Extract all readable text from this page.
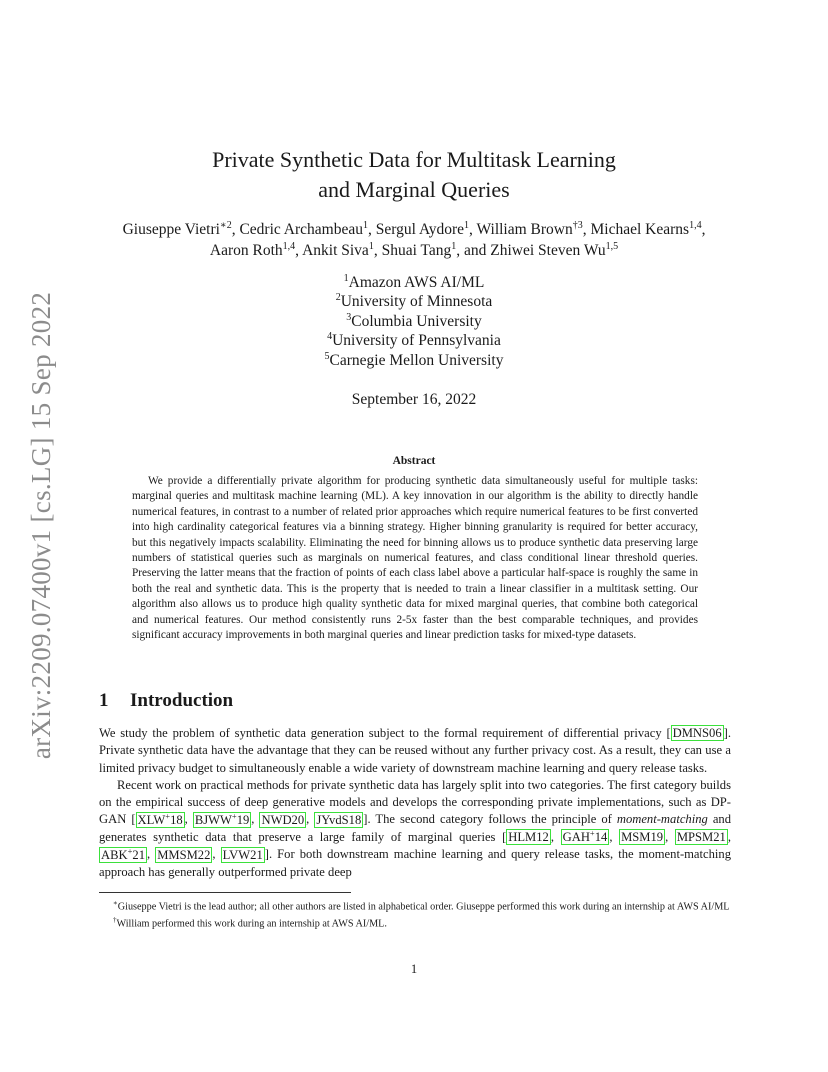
arXiv:2209.07400v1 [cs.LG] 15 Sep 2022
Private Synthetic Data for Multitask Learning
and Marginal Queries
Giuseppe Vietri$^{∗2}$, Cedric Archambeau$^1$, Sergul Aydore$^1$, William Brown$^{\dagger 3}$, Michael Kearns$^{1,4}$, Aaron Roth$^{1,4}$, Ankit Siva$^1$, Shuai Tang$^1$, and Zhiwei Steven Wu$^{1,5}$
$^1$Amazon AWS AI/ML
$^2$University of Minnesota
$^3$Columbia University
$^4$University of Pennsylvania
$^5$Carnegie Mellon University
September 16, 2022
Abstract

We provide a differentially private algorithm for producing synthetic data simultaneously useful for multiple tasks: marginal queries and multitask machine learning (ML). A key innovation in our algorithm is the ability to directly handle numerical features, in contrast to a number of related prior approaches which require numerical features to be first converted into high cardinality categorical features via a binning strategy. Higher binning granularity is required for better accuracy, but this negatively impacts scalability. Eliminating the need for binning allows us to produce synthetic data preserving large numbers of statistical queries such as marginals on numerical features, and class conditional linear threshold queries. Preserving the latter means that the fraction of points of each class label above a particular half-space is roughly the same in both the real and synthetic data. This is the property that is needed to train a linear classifier in a multitask setting. Our algorithm also allows us to produce high quality synthetic data for mixed marginal queries, that combine both categorical and numerical features. Our method consistently runs 2-5x faster than the best comparable techniques, and provides significant accuracy improvements in both marginal queries and linear prediction tasks for mixed-type datasets.

1 Introduction

We study the problem of synthetic data generation subject to the formal requirement of differential privacy [ DMNS06 ]. Private synthetic data have the advantage that they can be reused without any further privacy cost. As a result, they can use a limited privacy budget to simultaneously enable a wide variety of downstream machine learning and query release tasks.

Recent work on practical methods for private synthetic data has largely split into two categories. The first category builds on the empirical success of deep generative models and develops the corresponding private implementations, such as DP-GAN [ XLW+18 , BJWW+19 , NWD20 , JYvdS18 ]. The second category follows the principle of moment-matching and generates synthetic data that preserve a large family of marginal queries [ HLM12 , GAH+14 , MSM19 , MPSM21 , ABK+21 , MMSM22 , LVW21 ]. For both downstream machine learning and query release tasks, the moment-matching approach has generally outperformed private deep

∗Giuseppe Vietri is the lead author; all other authors are listed in alphabetical order. Giuseppe performed this work during an internship at AWS AI/ML

†William performed this work during an internship at AWS AI/ML.

1
